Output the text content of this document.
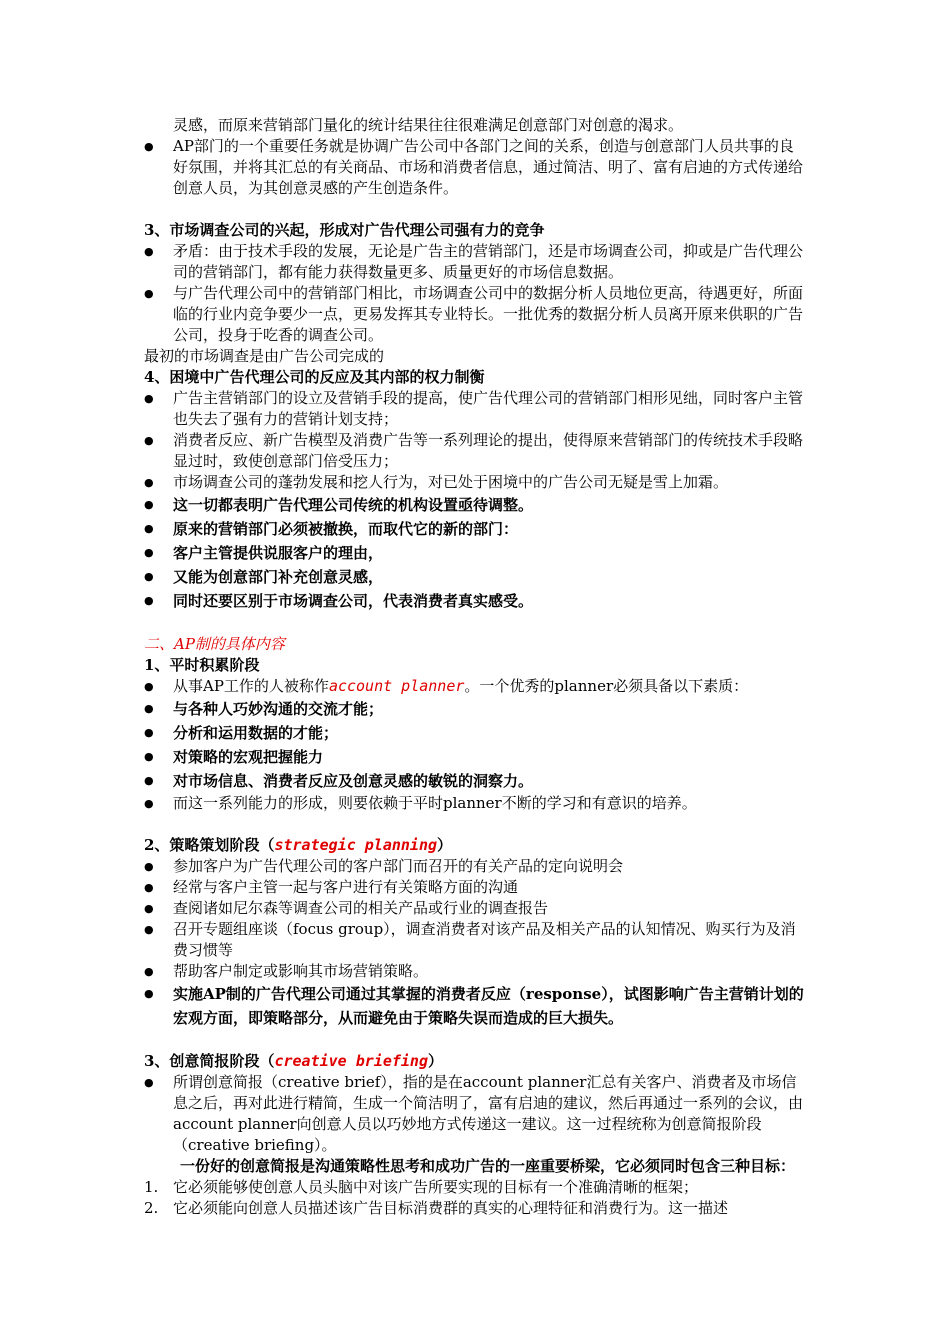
灵感，而原来营销部门量化的统计结果往往很难满足创意部门对创意的渴求。

● AP部门的一个重要任务就是协调广告公司中各部门之间的关系，创造与创意部门人员共事的良好氛围，并将其汇总的有关商品、市场和消费者信息，通过简洁、明了、富有启迪的方式传递给创意人员，为其创意灵感的产生创造条件。

3、市场调查公司的兴起，形成对广告代理公司强有力的竞争

● 矛盾：由于技术手段的发展，无论是广告主的营销部门，还是市场调查公司，抑或是广告代理公司的营销部门，都有能力获得数量更多、质量更好的市场信息数据。
● 与广告代理公司中的营销部门相比，市场调查公司中的数据分析人员地位更高，待遇更好，所面临的行业内竞争要少一点，更易发挥其专业特长。一批优秀的数据分析人员离开原来供职的广告公司，投身于吃香的调查公司。

最初的市场调查是由广告公司完成的

4、困境中广告代理公司的反应及其内部的权力制衡

● 广告主营销部门的设立及营销手段的提高，使广告代理公司的营销部门相形见绌，同时客户主管也失去了强有力的营销计划支持；
● 消费者反应、新广告模型及消费广告等一系列理论的提出，使得原来营销部门的传统技术手段略显过时，致使创意部门倍受压力；
● 市场调查公司的蓬勃发展和挖人行为，对已处于困境中的广告公司无疑是雪上加霜。
● 这一切都表明广告代理公司传统的机构设置亟待调整。
● 原来的营销部门必须被撤换，而取代它的新的部门：
● 客户主管提供说服客户的理由，
● 又能为创意部门补充创意灵感，
● 同时还要区别于市场调查公司，代表消费者真实感受。

二、AP制的具体内容

1、平时积累阶段

● 从事AP工作的人被称作account planner。一个优秀的planner必须具备以下素质：
● 与各种人巧妙沟通的交流才能；
● 分析和运用数据的才能；
● 对策略的宏观把握能力
● 对市场信息、消费者反应及创意灵感的敏锐的洞察力。
● 而这一系列能力的形成，则要依赖于平时planner不断的学习和有意识的培养。

2、策略策划阶段（strategic planning）

● 参加客户为广告代理公司的客户部门而召开的有关产品的定向说明会
● 经常与客户主管一起与客户进行有关策略方面的沟通
● 查阅诸如尼尔森等调查公司的相关产品或行业的调查报告
● 召开专题组座谈（focus group），调查消费者对该产品及相关产品的认知情况、购买行为及消费习惯等
● 帮助客户制定或影响其市场营销策略。
● 实施AP制的广告代理公司通过其掌握的消费者反应（response），试图影响广告主营销计划的宏观方面，即策略部分，从而避免由于策略失误而造成的巨大损失。

3、创意简报阶段（creative briefing）

● 所谓创意简报（creative brief），指的是在account planner汇总有关客户、消费者及市场信息之后，再对此进行精简，生成一个简洁明了，富有启迪的建议，然后再通过一系列的会议，由account planner向创意人员以巧妙地方式传递这一建议。这一过程统称为创意简报阶段（creative briefing）。

一份好的创意简报是沟通策略性思考和成功广告的一座重要桥梁，它必须同时包含三种目标：

1. 它必须能够使创意人员头脑中对该广告所要实现的目标有一个准确清晰的框架；
2. 它必须能向创意人员描述该广告目标消费群的真实的心理特征和消费行为。这一描述
